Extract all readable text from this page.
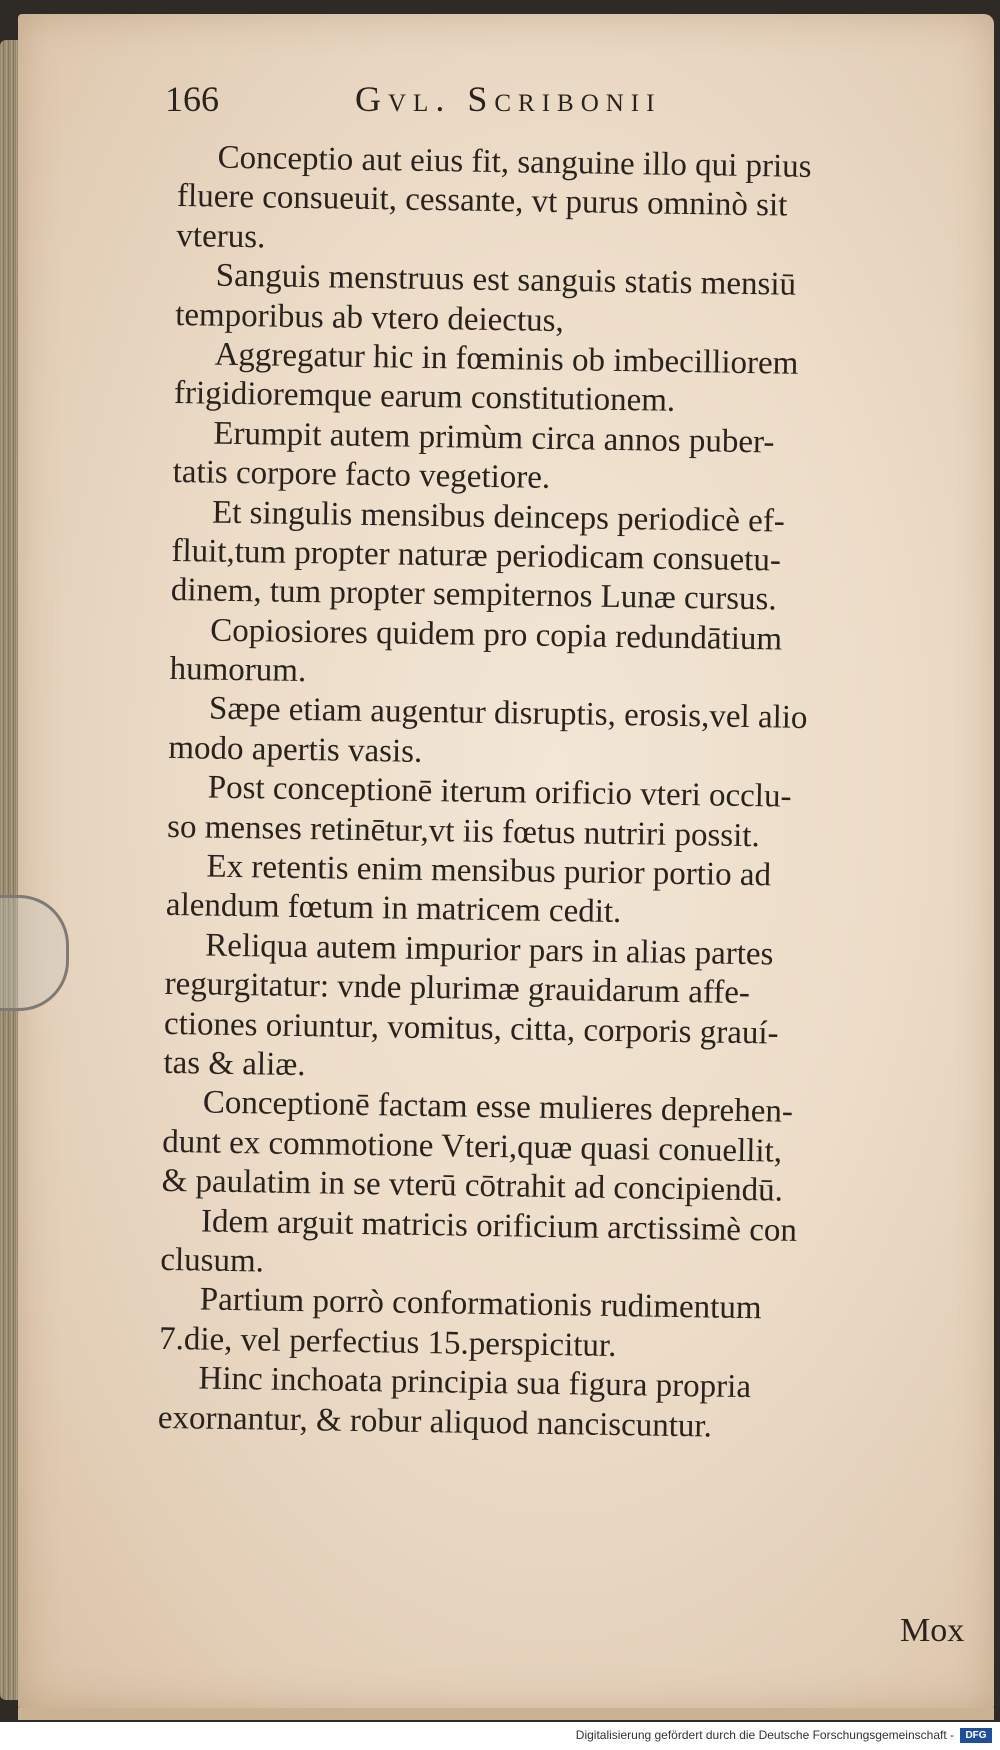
166	Gvl. Scribonii
Conceptio aut eius fit, sanguine illo qui prius
fluere consueuit, cessante, vt purus omninò sit
vterus.
Sanguis menstruus est sanguis statis mensiū
temporibus ab vtero deiectus,
Aggregatur hic in fœminis ob imbecilliorem
frigidioremque earum constitutionem.
Erumpit autem primùm circa annos puber-
tatis corpore facto vegetiore.
Et singulis mensibus deinceps periodicè ef-
fluit,tum propter naturæ periodicam consuetu-
dinem, tum propter sempiternos Lunæ cursus.
Copiosiores quidem pro copia redundātium
humorum.
Sæpe etiam augentur disruptis, erosis,vel alio
modo apertis vasis.
Post conceptionē iterum orificio vteri occlu-
so menses retinētur,vt iis fœtus nutriri possit.
Ex retentis enim mensibus purior portio ad
alendum fœtum in matricem cedit.
Reliqua autem impurior pars in alias partes
regurgitatur: vnde plurimæ grauidarum affe-
ctiones oriuntur, vomitus, citta, corporis grauí-
tas & aliæ.
Conceptionē factam esse mulieres deprehen-
dunt ex commotione Vteri,quæ quasi conuellit,
& paulatim in se vterū cōtrahit ad concipiendū.
Idem arguit matricis orificium arctissimè con
clusum.
Partium porrò conformationis rudimentum
7.die, vel perfectius 15.perspicitur.
Hinc inchoata principia sua figura propria
exornantur, & robur aliquod nanciscuntur.
Mox
Digitalisierung gefördert durch die Deutsche Forschungsgemeinschaft -	DFG
